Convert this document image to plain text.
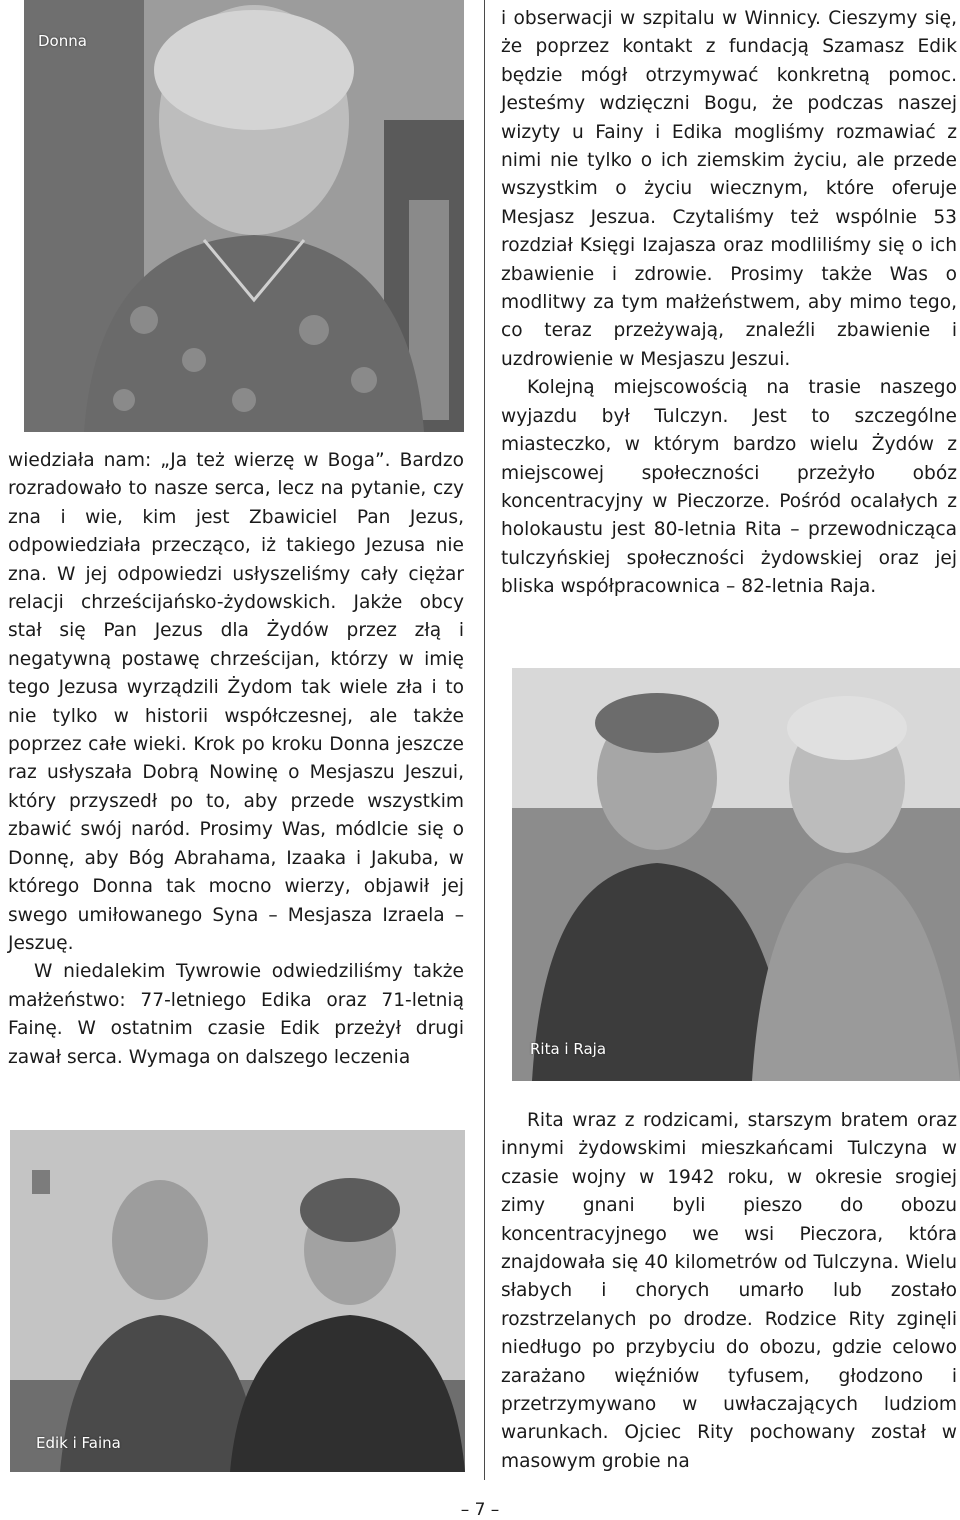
Donna

wiedziała nam: „Ja też wierzę w Boga”. Bardzo rozradowało to nasze serca, lecz na pytanie, czy zna i wie, kim jest Zbawiciel Pan Jezus, odpowiedziała przecząco, iż takiego Jezusa nie zna. W jej odpowiedzi usłyszeliśmy cały ciężar relacji chrześcijańsko-żydowskich. Jakże obcy stał się Pan Jezus dla Żydów przez złą i negatywną postawę chrześcijan, którzy w imię tego Jezusa wyrządzili Żydom tak wiele zła i to nie tylko w historii współczesnej, ale także poprzez całe wieki. Krok po kroku Donna jeszcze raz usłyszała Dobrą Nowinę o Mesjaszu Jeszui, który przyszedł po to, aby przede wszystkim zbawić swój naród. Prosimy Was, módlcie się o Donnę, aby Bóg Abrahama, Izaaka i Jakuba, w którego Donna tak mocno wierzy, objawił jej swego umiłowanego Syna – Mesjasza Izraela – Jeszuę.

W niedalekim Tywrowie odwiedziliśmy także małżeństwo: 77-letniego Edika oraz 71-letnią Fainę. W ostatnim czasie Edik przeżył drugi zawał serca. Wymaga on dalszego leczenia

Edik i Faina

i obserwacji w szpitalu w Winnicy. Cieszymy się, że poprzez kontakt z fundacją Szamasz Edik będzie mógł otrzymywać konkretną pomoc. Jesteśmy wdzięczni Bogu, że podczas naszej wizyty u Fainy i Edika mogliśmy rozmawiać z nimi nie tylko o ich ziemskim życiu, ale przede wszystkim o życiu wiecznym, które oferuje Mesjasz Jeszua. Czytaliśmy też wspólnie 53 rozdział Księgi Izajasza oraz modliliśmy się o ich zbawienie i zdrowie. Prosimy także Was o modlitwy za tym małżeństwem, aby mimo tego, co teraz przeżywają, znaleźli zbawienie i uzdrowienie w Mesjaszu Jeszui.

Kolejną miejscowością na trasie naszego wyjazdu był Tulczyn. Jest to szczególne miasteczko, w którym bardzo wielu Żydów z miejscowej społeczności przeżyło obóz koncentracyjny w Pieczorze. Pośród ocalałych z holokaustu jest 80-letnia Rita – przewodnicząca tulczyńskiej społeczności żydowskiej oraz jej bliska współpracownica – 82-letnia Raja.

Rita i Raja

Rita wraz z rodzicami, starszym bratem oraz innymi żydowskimi mieszkańcami Tulczyna w czasie wojny w 1942 roku, w okresie srogiej zimy gnani byli pieszo do obozu koncentracyjnego we wsi Pieczora, która znajdowała się 40 kilometrów od Tulczyna. Wielu słabych i chorych umarło lub zostało rozstrzelanych po drodze. Rodzice Rity zginęli niedługo po przybyciu do obozu, gdzie celowo zarażano więźniów tyfusem, głodzono i przetrzymywano w uwłaczających ludziom warunkach. Ojciec Rity pochowany został w masowym grobie na

– 7 –
